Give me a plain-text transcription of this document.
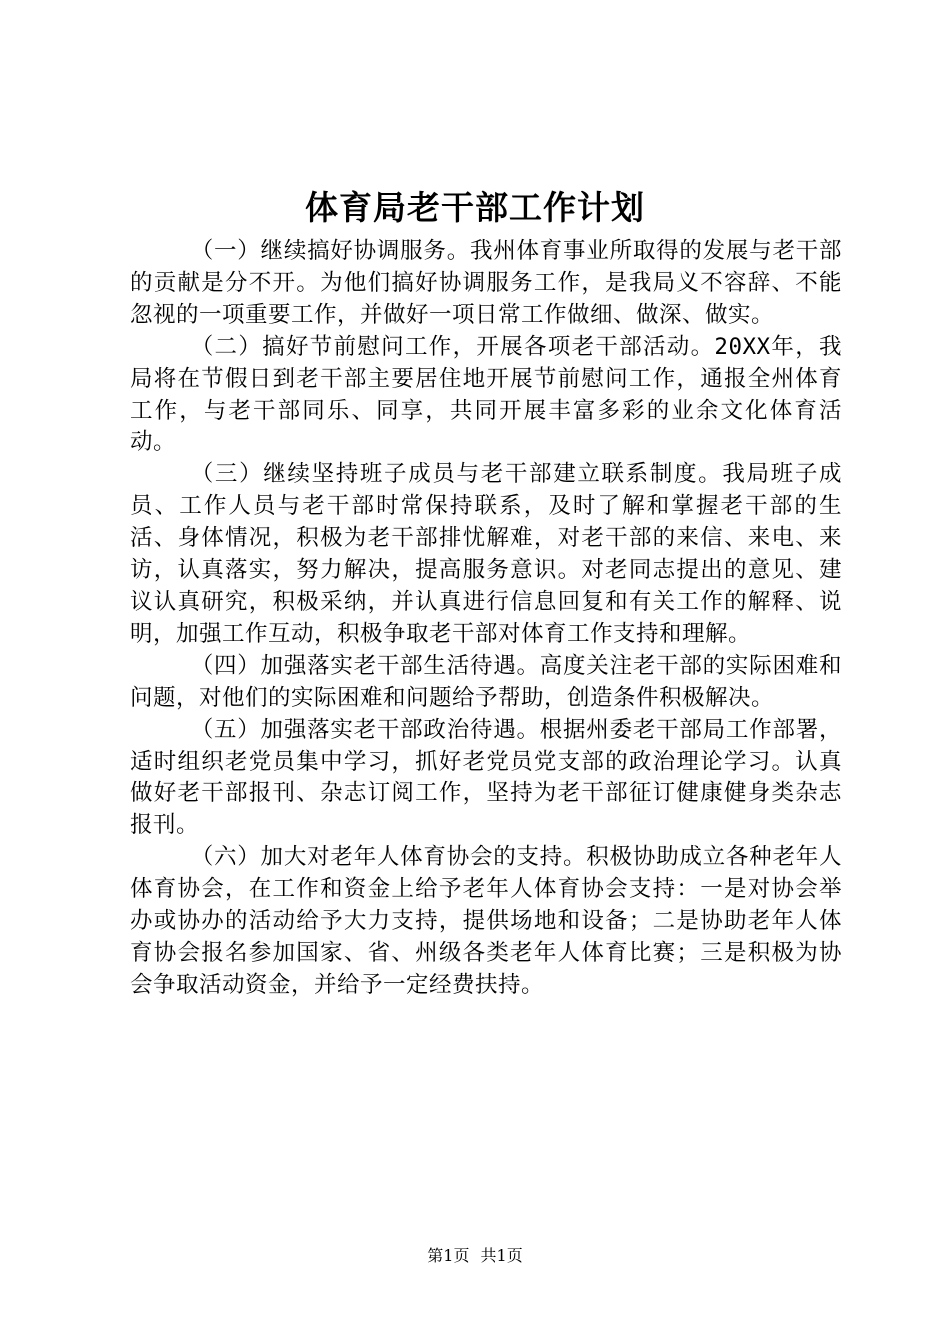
体育局老干部工作计划

（一）继续搞好协调服务。我州体育事业所取得的发展与老干部的贡献是分不开。为他们搞好协调服务工作，是我局义不容辞、不能忽视的一项重要工作，并做好一项日常工作做细、做深、做实。

（二）搞好节前慰问工作，开展各项老干部活动。20XX年，我局将在节假日到老干部主要居住地开展节前慰问工作，通报全州体育工作，与老干部同乐、同享，共同开展丰富多彩的业余文化体育活动。

（三）继续坚持班子成员与老干部建立联系制度。我局班子成员、工作人员与老干部时常保持联系，及时了解和掌握老干部的生活、身体情况，积极为老干部排忧解难，对老干部的来信、来电、来访，认真落实，努力解决，提高服务意识。对老同志提出的意见、建议认真研究，积极采纳，并认真进行信息回复和有关工作的解释、说明，加强工作互动，积极争取老干部对体育工作支持和理解。

（四）加强落实老干部生活待遇。高度关注老干部的实际困难和问题，对他们的实际困难和问题给予帮助，创造条件积极解决。

（五）加强落实老干部政治待遇。根据州委老干部局工作部署，适时组织老党员集中学习，抓好老党员党支部的政治理论学习。认真做好老干部报刊、杂志订阅工作，坚持为老干部征订健康健身类杂志报刊。

（六）加大对老年人体育协会的支持。积极协助成立各种老年人体育协会，在工作和资金上给予老年人体育协会支持：一是对协会举办或协办的活动给予大力支持，提供场地和设备；二是协助老年人体育协会报名参加国家、省、州级各类老年人体育比赛；三是积极为协会争取活动资金，并给予一定经费扶持。

第1页 共1页
